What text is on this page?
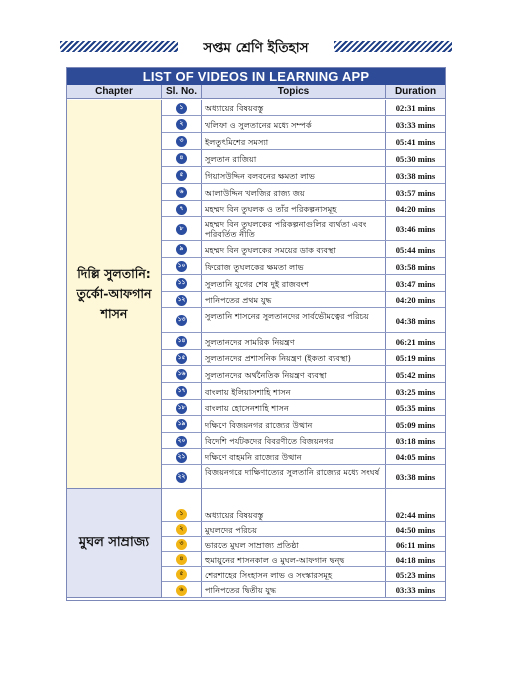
সপ্তম শ্রেণি ইতিহাস
LIST OF VIDEOS IN LEARNING APP
Chapter	Sl. No.	Topics	Duration
দিল্লি সুলতানি:
তুর্কো-আফগান
শাসন
১	অধ্যায়ের বিষয়বস্তু	02:31 mins
২	খলিফা ও সুলতানের মধ্যে সম্পর্ক	03:33 mins
৩	ইলতুৎমিশের সমস্যা	05:41 mins
৪	সুলতান রাজিয়া	05:30 mins
৫	গিয়াসউদ্দিন বলবনের ক্ষমতা লাভ	03:38 mins
৬	আলাউদ্দিন খলজির রাজ্য জয়	03:57 mins
৭	মহম্মদ বিন তুঘলক ও তাঁর পরিকল্পনাসমূহ	04:20 mins
৮	মহম্মদ বিন তুঘলকের পরিকল্পনাগুলির ব্যর্থতা এবং পরিবর্তিত নীতি	03:46 mins
৯	মহম্মদ বিন তুঘলকের সময়ের ডাক ব্যবস্থা	05:44 mins
১০ ফিরোজ তুঘলকের ক্ষমতা লাভ	03:58 mins
১১ সুলতানি যুগের শেষ দুই রাজবংশ	03:47 mins
১২ পানিপতের প্রথম যুদ্ধ	04:20 mins
১৩ সুলতানি শাসনের সুলতানদের সার্বভৌমত্বের পরিচয়	04:38 mins
১৪ সুলতানদের সামরিক নিয়ন্ত্রণ	06:21 mins
১৫ সুলতানদের প্রশাসনিক নিয়ন্ত্রণ (ইকতা ব্যবস্থা)	05:19 mins
১৬ সুলতানদের অর্থনৈতিক নিয়ন্ত্রণ ব্যবস্থা	05:42 mins
১৭ বাংলায় ইলিয়াসশাহি শাসন	03:25 mins
১৮ বাংলায় হোসেনশাহি শাসন	05:35 mins
১৯ দক্ষিণে বিজয়নগর রাজ্যের উত্থান	05:09 mins
২০ বিদেশি পর্যটকদের বিবরণীতে বিজয়নগর	03:18 mins
২১ দক্ষিণে বাহমনি রাজ্যের উত্থান	04:05 mins
২২ বিজয়নগরে দাক্ষিণাত্যের সুলতানি রাজ্যের মধ্যে সংঘর্ষ	03:38 mins
মুঘল সাম্রাজ্য
১	অধ্যায়ের বিষয়বস্তু	02:44 mins
২	মুঘলদের পরিচয়	04:50 mins
৩	ভারতে মুঘল সাম্রাজ্য প্রতিষ্ঠা	06:11 mins
৪	হুমায়ুনের শাসনকাল ও মুঘল-আফগান দ্বন্দ্ব	04:18 mins
৫	শেরশাহের সিংহাসন লাভ ও সংস্কারসমূহ	05:23 mins
৬	পানিপতের দ্বিতীয় যুদ্ধ	03:33 mins
